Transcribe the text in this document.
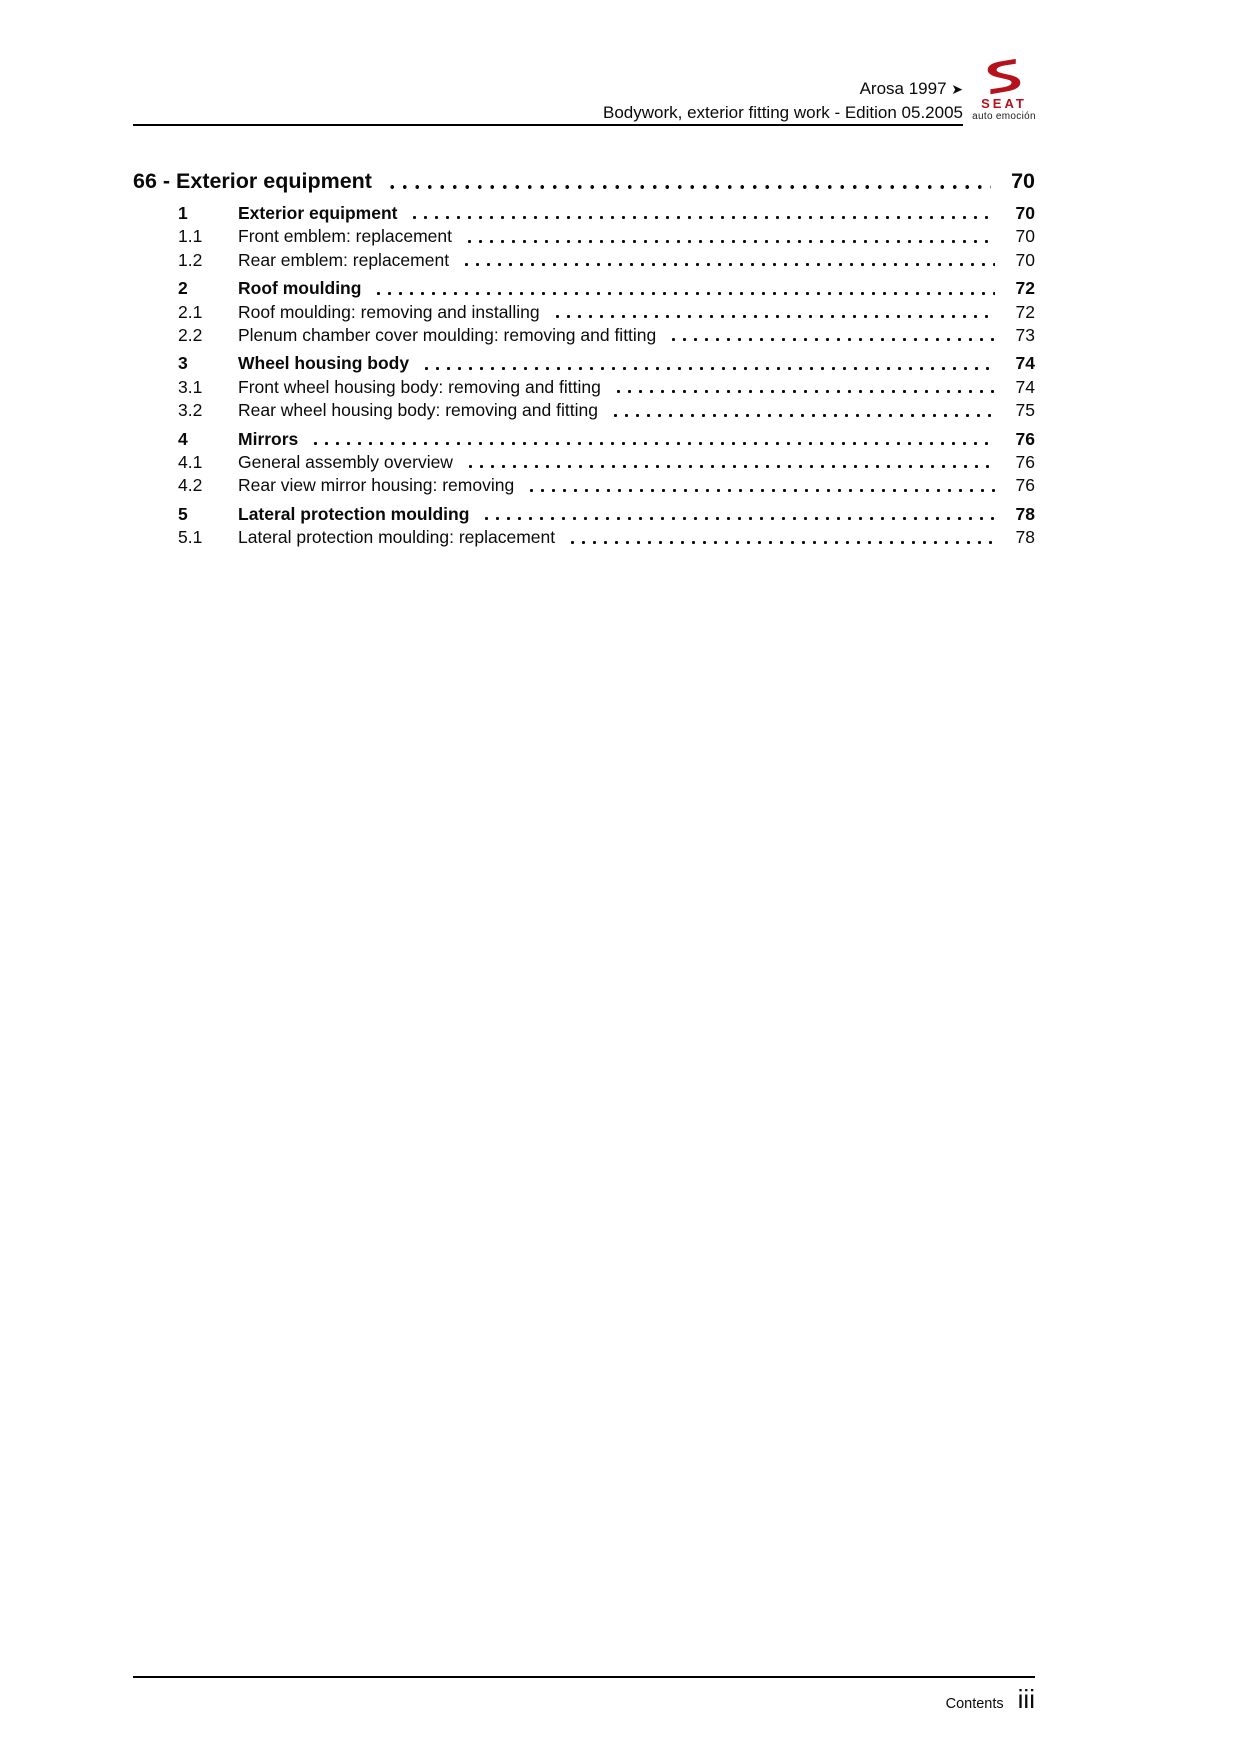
Arosa 1997 ➤
Bodywork, exterior fitting work - Edition 05.2005	SEAT
auto emoción
66 - Exterior equipment	70
1	Exterior equipment	70
1.1	Front emblem: replacement	70
1.2	Rear emblem: replacement	70
2	Roof moulding	72
2.1	Roof moulding: removing and installing	72
2.2	Plenum chamber cover moulding: removing and fitting	73
3	Wheel housing body	74
3.1	Front wheel housing body: removing and fitting	74
3.2	Rear wheel housing body: removing and fitting	75
4	Mirrors	76
4.1	General assembly overview	76
4.2	Rear view mirror housing: removing	76
5	Lateral protection moulding	78
5.1	Lateral protection moulding: replacement	78
Contents iii
